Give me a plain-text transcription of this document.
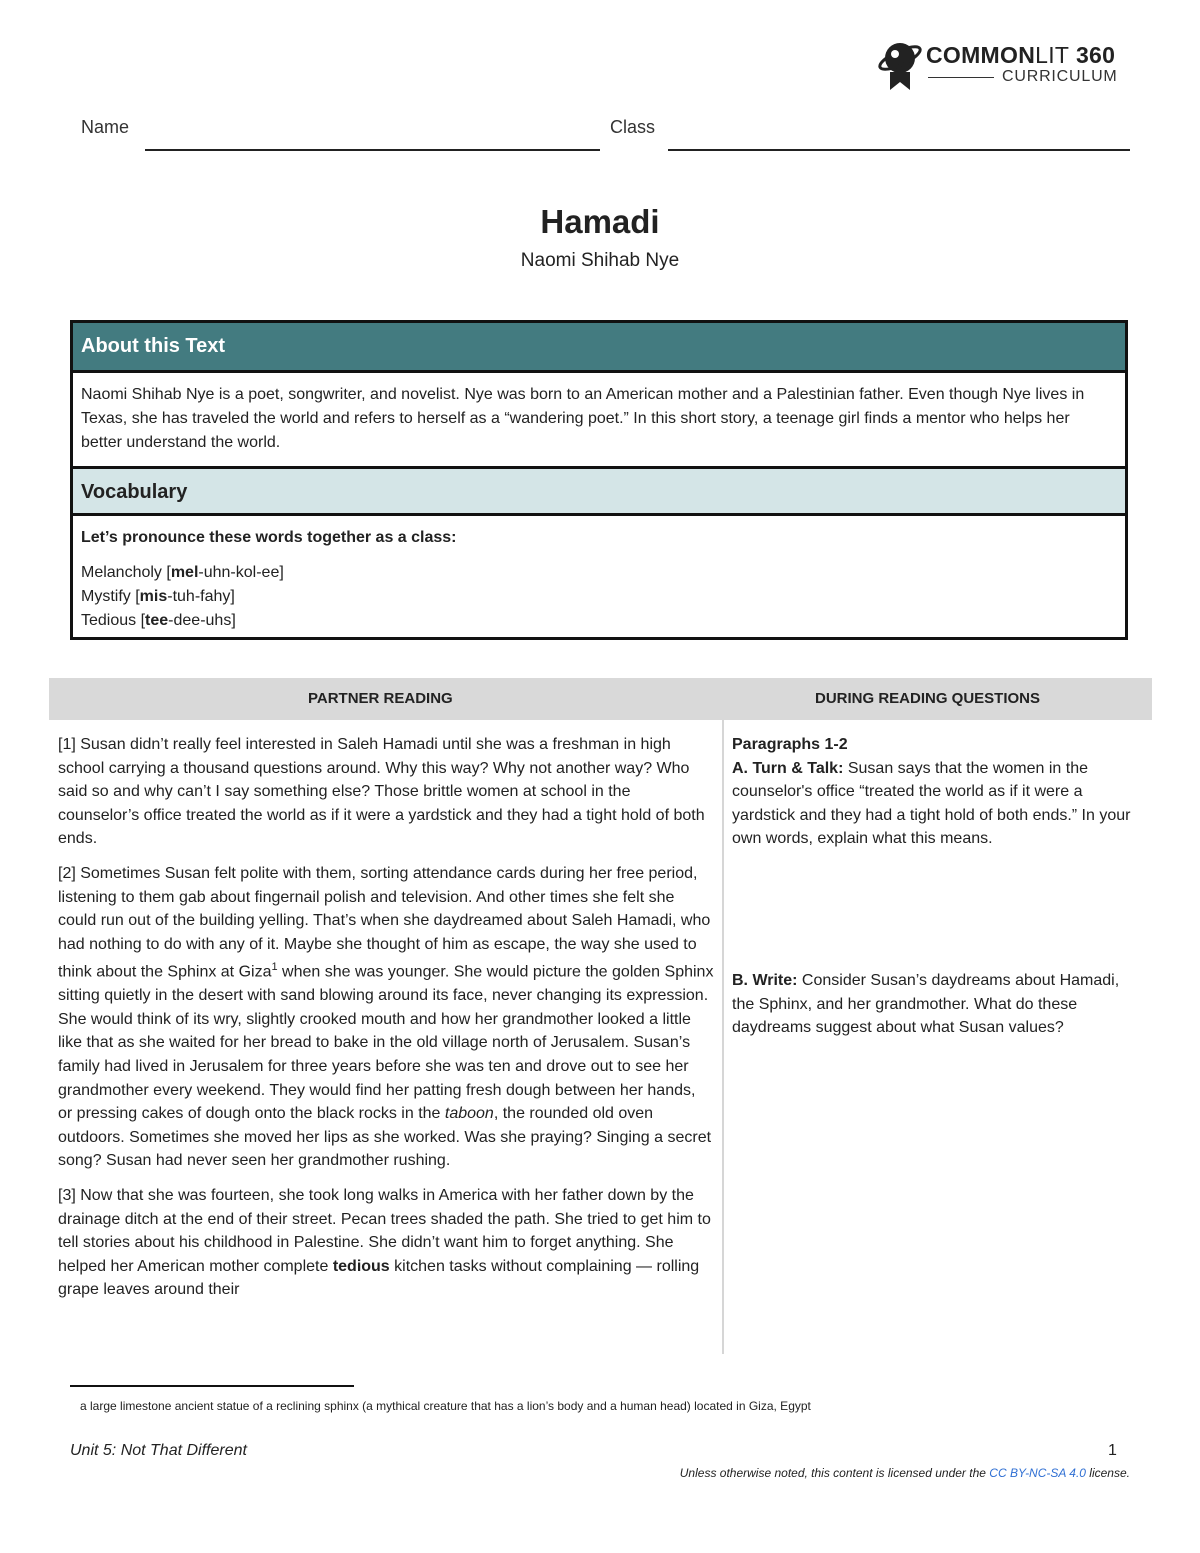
COMMONLIT 360
CURRICULUM
Name	Class
Hamadi
Naomi Shihab Nye
About this Text
Naomi Shihab Nye is a poet, songwriter, and novelist. Nye was born to an American mother and a Palestinian father. Even though Nye lives in Texas, she has traveled the world and refers to herself as a “wandering poet.” In this short story, a teenage girl finds a mentor who helps her better understand the world.
Vocabulary
Let’s pronounce these words together as a class:
Melancholy [mel-uhn-kol-ee]
Mystify [mis-tuh-fahy]
Tedious [tee-dee-uhs]
PARTNER READING	DURING READING QUESTIONS

[1] Susan didn’t really feel interested in Saleh Hamadi until she was a freshman in high school carrying a thousand questions around. Why this way? Why not another way? Who said so and why can’t I say something else? Those brittle women at school in the counselor’s office treated the world as if it were a yardstick and they had a tight hold of both ends.

[2] Sometimes Susan felt polite with them, sorting attendance cards during her free period, listening to them gab about fingernail polish and television. And other times she felt she could run out of the building yelling. That’s when she daydreamed about Saleh Hamadi, who had nothing to do with any of it. Maybe she thought of him as escape, the way she used to think about the Sphinx at Giza$^1$ when she was younger. She would picture the golden Sphinx sitting quietly in the desert with sand blowing around its face, never changing its expression. She would think of its wry, slightly crooked mouth and how her grandmother looked a little like that as she waited for her bread to bake in the old village north of Jerusalem. Susan’s family had lived in Jerusalem for three years before she was ten and drove out to see her grandmother every weekend. They would find her patting fresh dough between her hands, or pressing cakes of dough onto the black rocks in the taboon, the rounded old oven outdoors. Sometimes she moved her lips as she worked. Was she praying? Singing a secret song? Susan had never seen her grandmother rushing.

[3] Now that she was fourteen, she took long walks in America with her father down by the drainage ditch at the end of their street. Pecan trees shaded the path. She tried to get him to tell stories about his childhood in Palestine. She didn’t want him to forget anything. She helped her American mother complete tedious kitchen tasks without complaining — rolling grape leaves around their

Paragraphs 1-2
A. Turn & Talk: Susan says that the women in the counselor's office “treated the world as if it were a yardstick and they had a tight hold of both ends.” In your own words, explain what this means.
B. Write: Consider Susan’s daydreams about Hamadi, the Sphinx, and her grandmother. What do these daydreams suggest about what Susan values?
a large limestone ancient statue of a reclining sphinx (a mythical creature that has a lion’s body and a human head) located in Giza, Egypt
Unit 5: Not That Different	1
Unless otherwise noted, this content is licensed under the CC BY-NC-SA 4.0 license.
